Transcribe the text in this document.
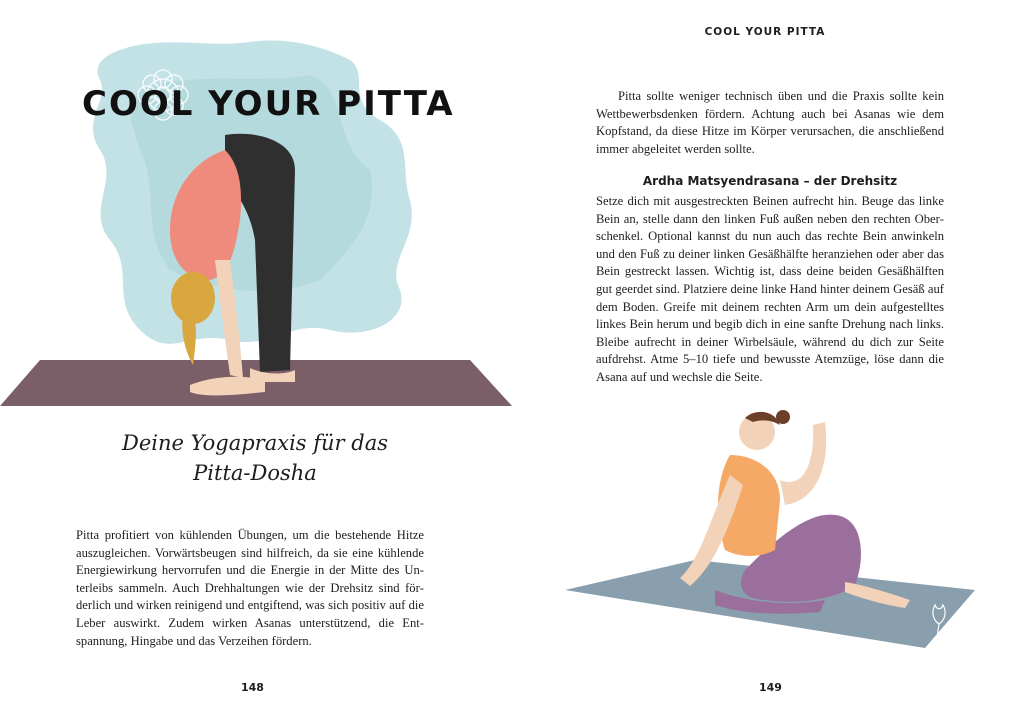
COOL YOUR PITTA
Deine Yogapraxis für das
Pitta-Dosha

Pitta profitiert von kühlenden Übungen, um die bestehende Hitze auszugleichen. Vorwärtsbeugen sind hilfreich, da sie eine kühlende Energiewirkung hervorrufen und die Energie in der Mitte des Unterleibs sammeln. Auch Drehhaltungen wie der Drehsitz sind förderlich und wirken reinigend und entgiftend, was sich positiv auf die Leber auswirkt. Zudem wirken Asanas unterstützend, die Entspannung, Hingabe und das Verzeihen fördern.

148
COOL YOUR PITTA

Pitta sollte weniger technisch üben und die Praxis sollte kein Wettbewerbsdenken fördern. Achtung auch bei Asanas wie dem Kopfstand, da diese Hitze im Körper verursachen, die anschließend immer abgeleitet werden sollte.

Ardha Matsyendrasana – der Drehsitz

Setze dich mit ausgestreckten Beinen aufrecht hin. Beuge das linke Bein an, stelle dann den linken Fuß außen neben den rechten Oberschenkel. Optional kannst du nun auch das rechte Bein anwinkeln und den Fuß zu deiner linken Gesäßhälfte heranziehen oder aber das Bein gestreckt lassen. Wichtig ist, dass deine beiden Gesäßhälften gut geerdet sind. Platziere deine linke Hand hinter deinem Gesäß auf dem Boden. Greife mit deinem rechten Arm um dein aufgestelltes linkes Bein herum und begib dich in eine sanfte Drehung nach links. Bleibe aufrecht in deiner Wirbelsäule, während du dich zur Seite aufdrehst. Atme 5–10 tiefe und bewusste Atemzüge, löse dann die Asana auf und wechsle die Seite.

149
